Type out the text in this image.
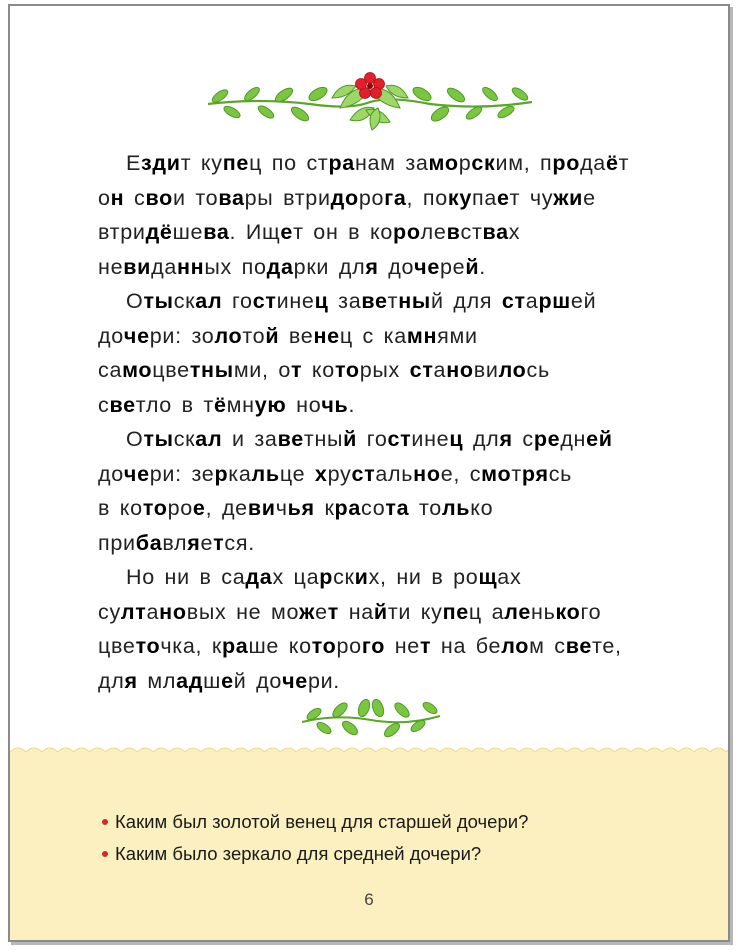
Ездит купец по странам заморским, продаёт
он свои товары втридорога, покупает чужие
втридёшева. Ищет он в королевствах
невиданных подарки для дочерей.
Отыскал гостинец заветный для старшей
дочери: золотой венец с камнями
самоцветными, от которых становилось
светло в тёмную ночь.
Отыскал и заветный гостинец для средней
дочери: зеркальце хрустальное, смотрясь
в которое, девичья красота только
прибавляется.
Но ни в садах царских, ни в рощах
султановых не может найти купец аленького
цветочка, краше которого нет на белом свете,
для младшей дочери.
Каким был золотой венец для старшей дочери?
Каким было зеркало для средней дочери?
6
